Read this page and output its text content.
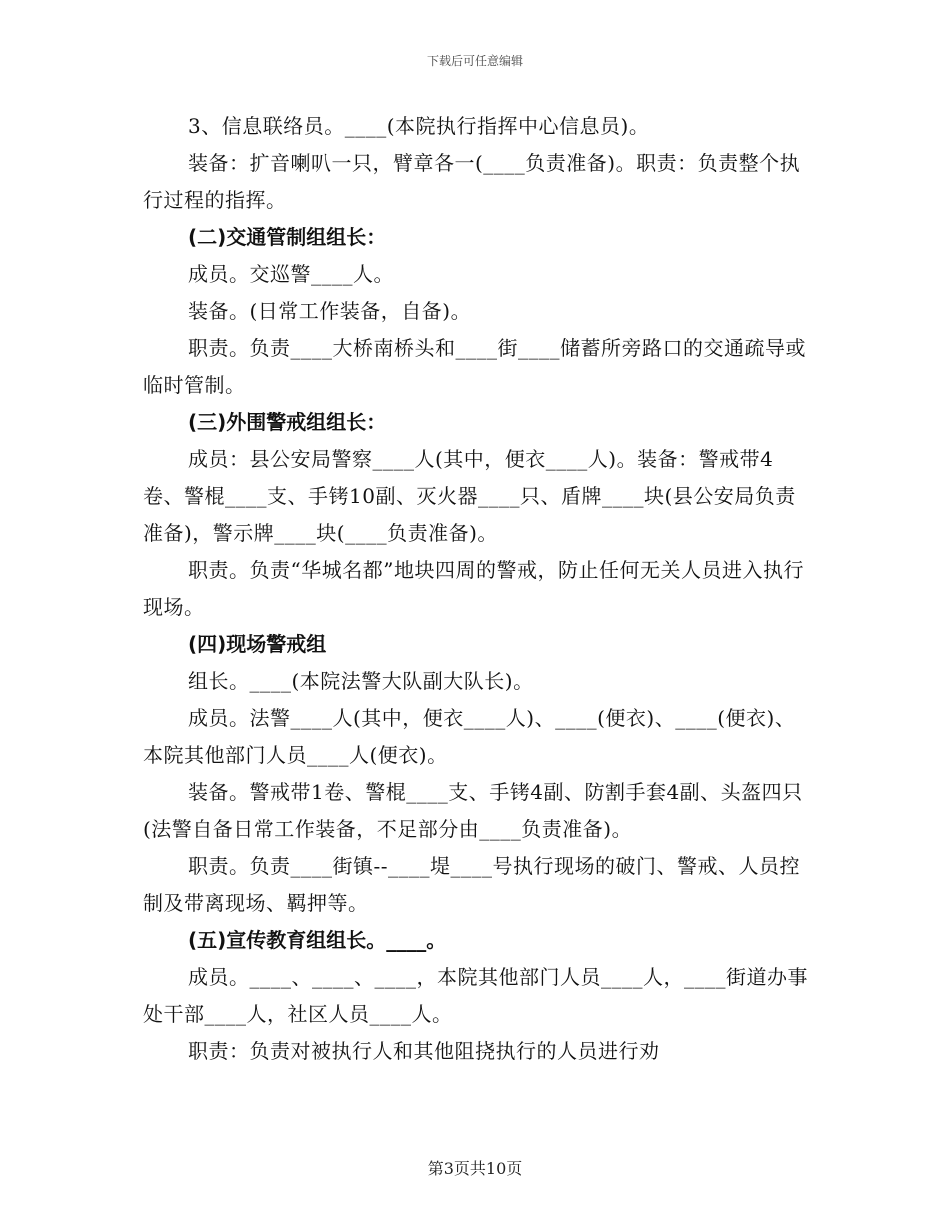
下载后可任意编辑

3、信息联络员。____(本院执行指挥中心信息员)。

装备：扩音喇叭一只，臂章各一(____负责准备)。职责：负责整个执行过程的指挥。

(二)交通管制组组长：

成员。交巡警____人。

装备。(日常工作装备，自备)。

职责。负责____大桥南桥头和____街____储蓄所旁路口的交通疏导或临时管制。

(三)外围警戒组组长：

成员：县公安局警察____人(其中，便衣____人)。装备：警戒带4卷、警棍____支、手铐10副、灭火器____只、盾牌____块(县公安局负责准备)，警示牌____块(____负责准备)。

职责。负责“华城名都”地块四周的警戒，防止任何无关人员进入执行现场。

(四)现场警戒组

组长。____(本院法警大队副大队长)。

成员。法警____人(其中，便衣____人)、____(便衣)、____(便衣)、本院其他部门人员____人(便衣)。

装备。警戒带1卷、警棍____支、手铐4副、防割手套4副、头盔四只(法警自备日常工作装备，不足部分由____负责准备)。

职责。负责____街镇--____堤____号执行现场的破门、警戒、人员控制及带离现场、羁押等。

(五)宣传教育组组长。____。

成员。____、____、____，本院其他部门人员____人，____街道办事处干部____人，社区人员____人。

职责：负责对被执行人和其他阻挠执行的人员进行劝

第3页共10页
